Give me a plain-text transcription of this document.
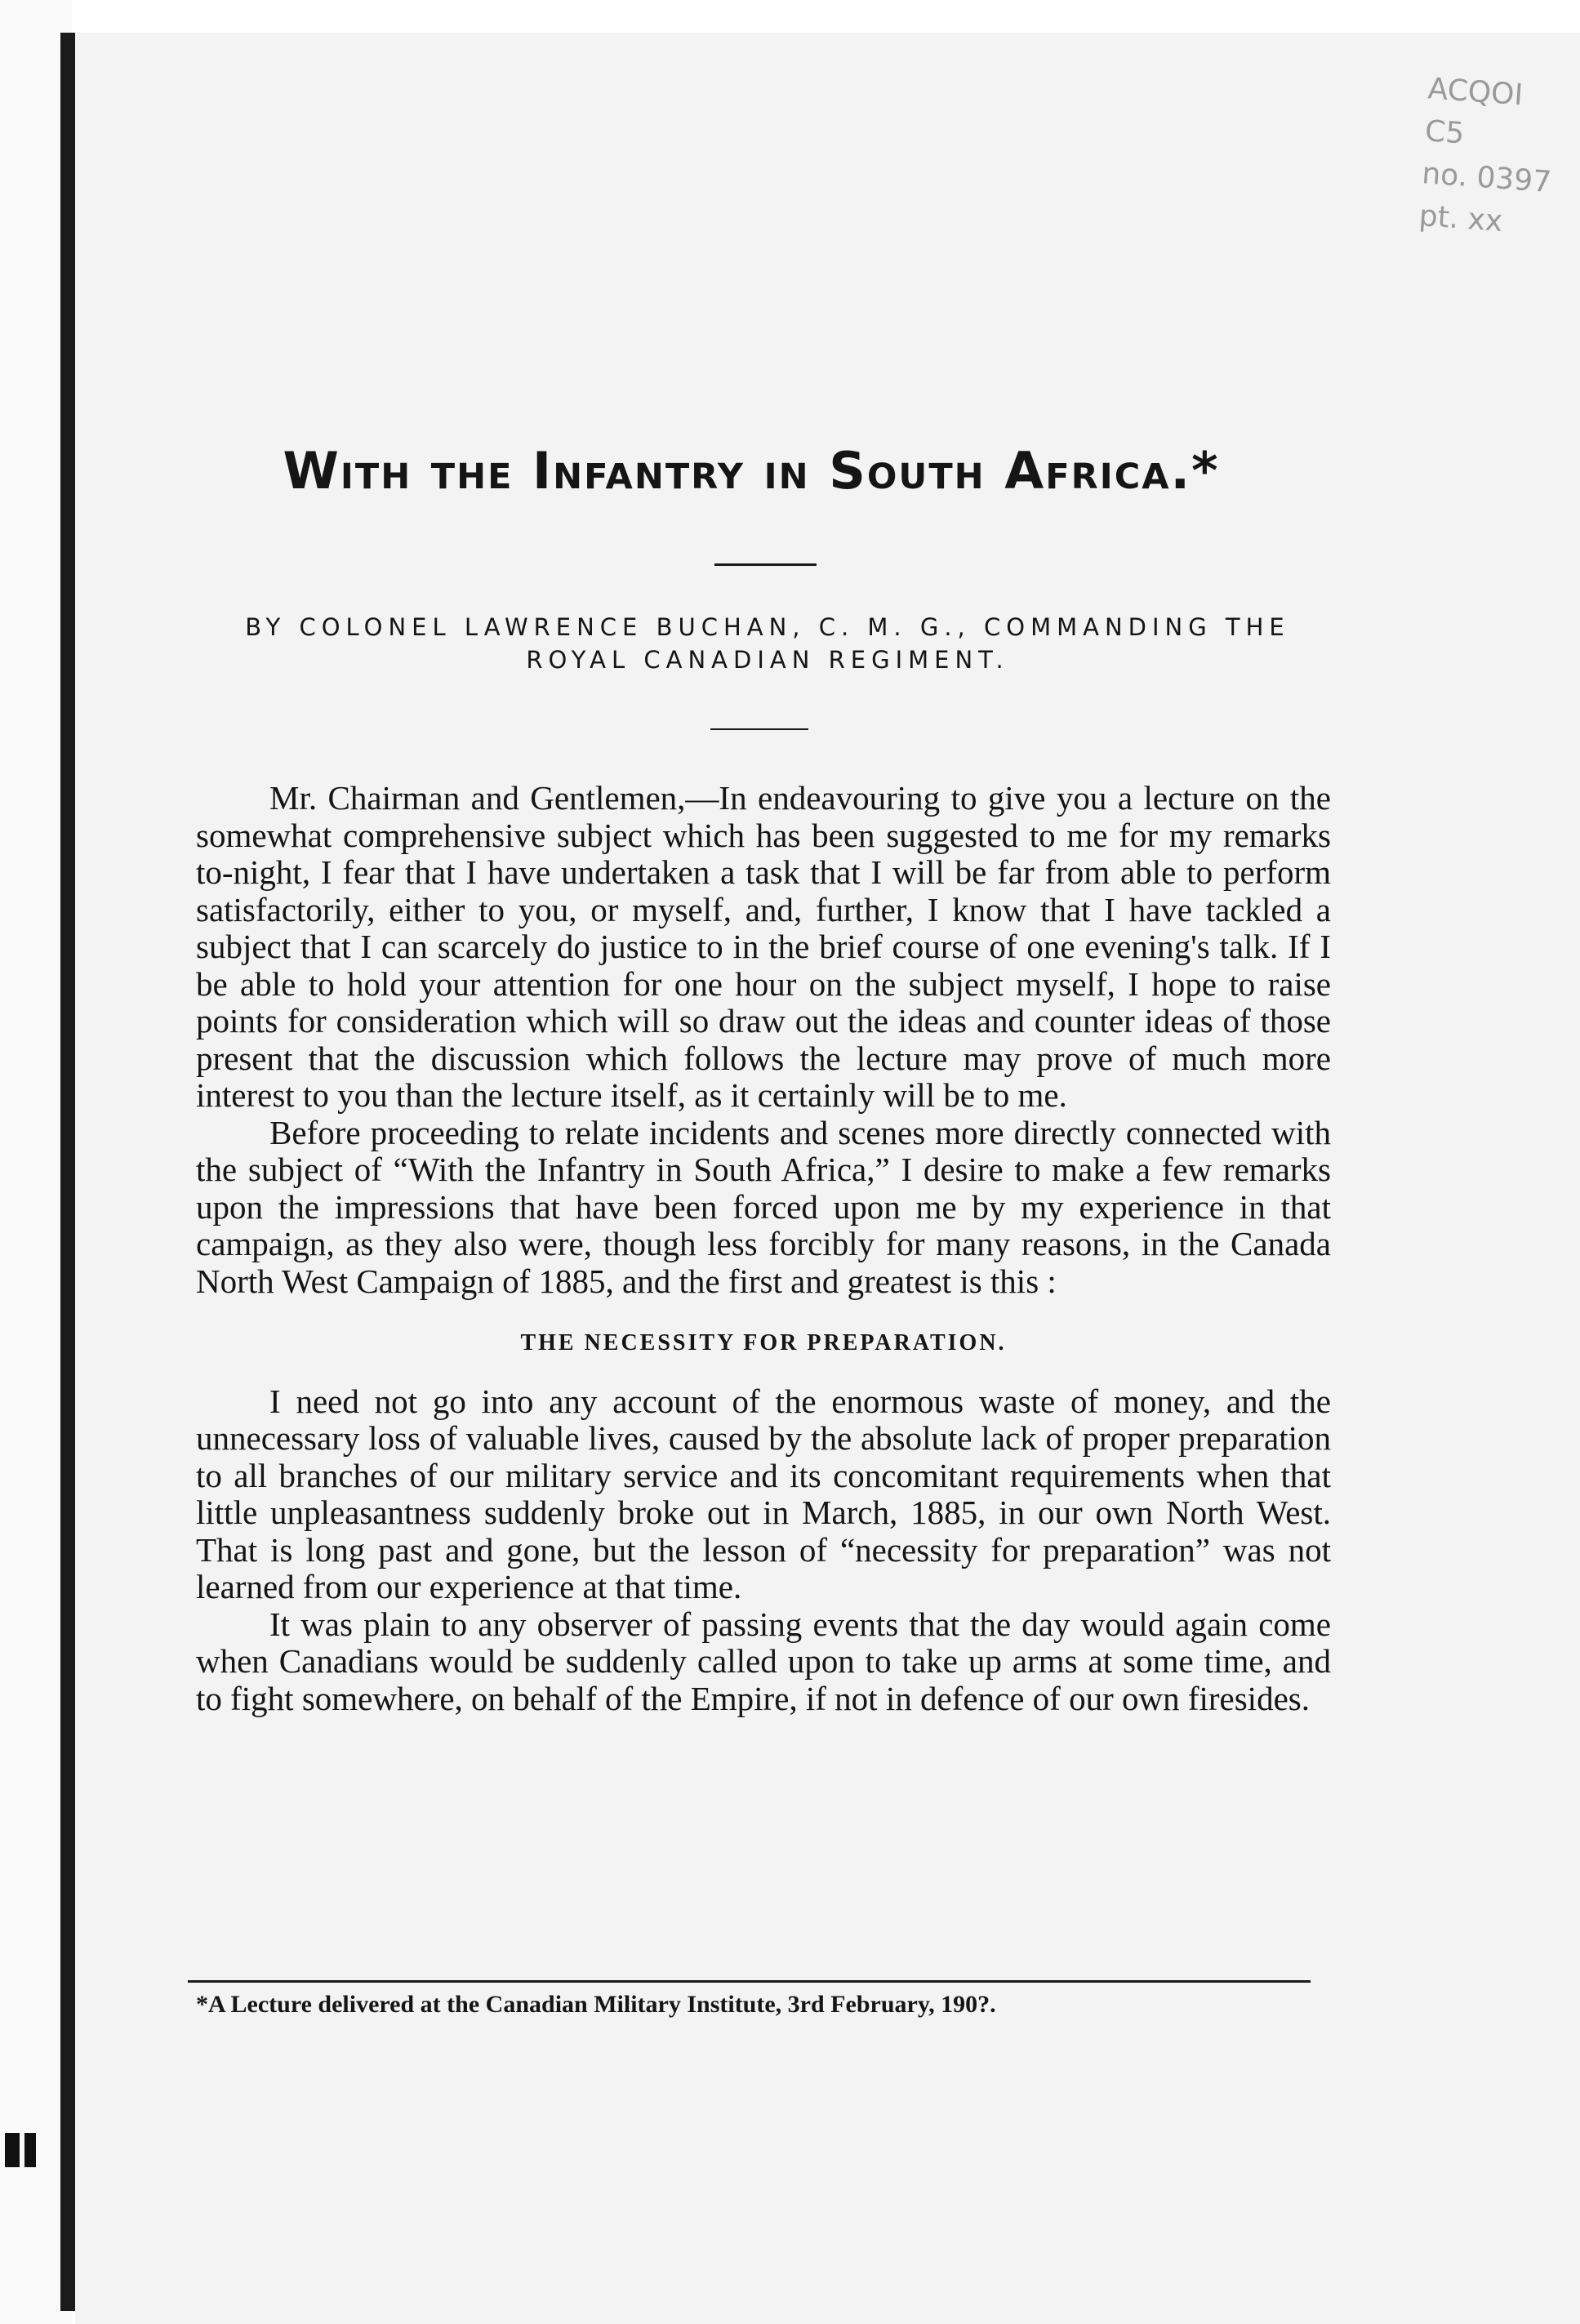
ACQOI
C5
no. 0397
pt. xx
With the Infantry in South Africa.*
BY COLONEL LAWRENCE BUCHAN, C. M. G., COMMANDING THE ROYAL CANADIAN REGIMENT.

Mr. Chairman and Gentlemen,—In endeavouring to give you a lecture on the somewhat comprehensive subject which has been suggested to me for my remarks to-night, I fear that I have undertaken a task that I will be far from able to perform satisfactorily, either to you, or myself, and, further, I know that I have tackled a subject that I can scarcely do justice to in the brief course of one evening's talk. If I be able to hold your attention for one hour on the subject myself, I hope to raise points for consideration which will so draw out the ideas and counter ideas of those present that the discussion which follows the lecture may prove of much more interest to you than the lecture itself, as it certainly will be to me.

Before proceeding to relate incidents and scenes more directly connected with the subject of “With the Infantry in South Africa,” I desire to make a few remarks upon the impressions that have been forced upon me by my experience in that campaign, as they also were, though less forcibly for many reasons, in the Canada North West Campaign of 1885, and the first and greatest is this :

THE NECESSITY FOR PREPARATION.

I need not go into any account of the enormous waste of money, and the unnecessary loss of valuable lives, caused by the absolute lack of proper preparation to all branches of our military service and its concomitant requirements when that little unpleasantness suddenly broke out in March, 1885, in our own North West. That is long past and gone, but the lesson of “necessity for preparation” was not learned from our experience at that time.

It was plain to any observer of passing events that the day would again come when Canadians would be suddenly called upon to take up arms at some time, and to fight somewhere, on behalf of the Empire, if not in defence of our own firesides.

*A Lecture delivered at the Canadian Military Institute, 3rd February, 190?.
